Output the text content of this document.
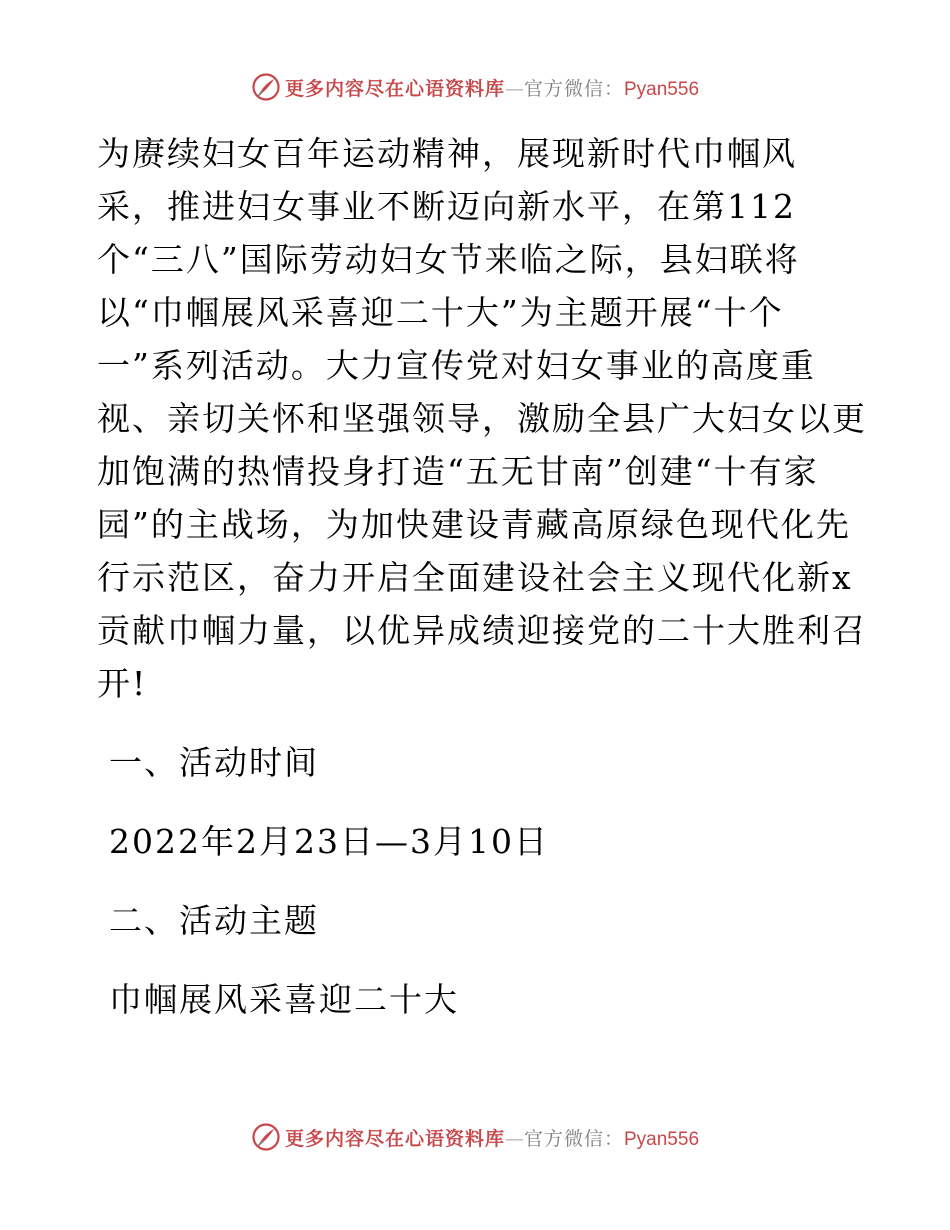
更多内容尽在心语资料库—官方微信：Pyan556
为赓续妇女百年运动精神，展现新时代巾帼风
采，推进妇女事业不断迈向新水平，在第112
个“三八”国际劳动妇女节来临之际，县妇联将
以“巾帼展风采喜迎二十大”为主题开展“十个
一”系列活动。大力宣传党对妇女事业的高度重
视、亲切关怀和坚强领导，激励全县广大妇女以更
加饱满的热情投身打造“五无甘南”创建“十有家
园”的主战场，为加快建设青藏高原绿色现代化先
行示范区，奋力开启全面建设社会主义现代化新x
贡献巾帼力量，以优异成绩迎接党的二十大胜利召
开!
一、活动时间
2022年2月23日—3月10日
二、活动主题
巾帼展风采喜迎二十大
更多内容尽在心语资料库—官方微信：Pyan556
